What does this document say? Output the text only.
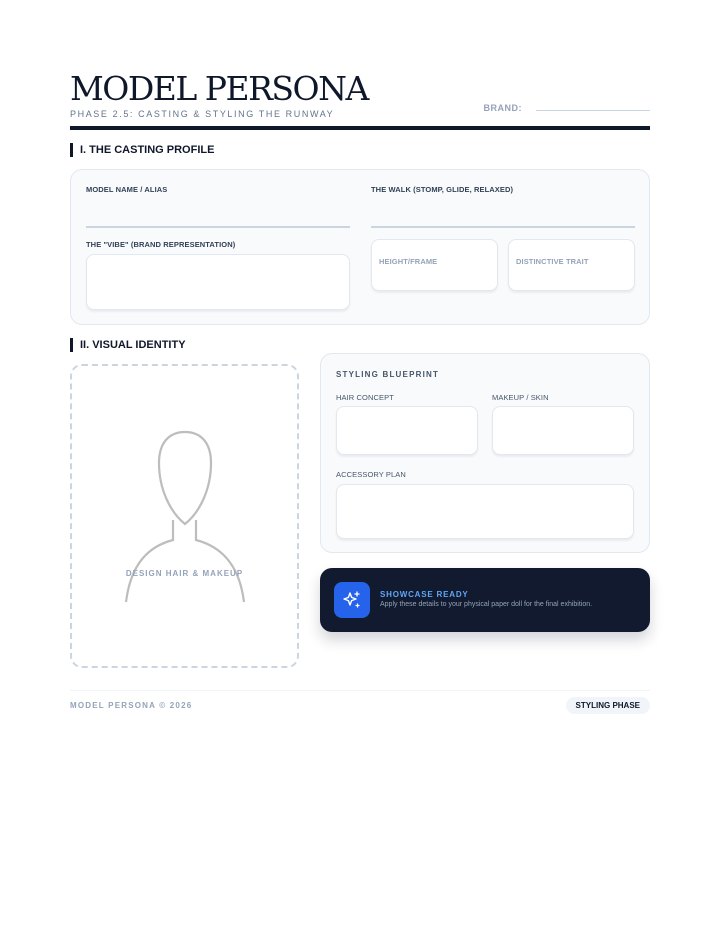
MODEL PERSONA
PHASE 2.5: CASTING & STYLING THE RUNWAY
BRAND:
I. THE CASTING PROFILE
MODEL NAME / ALIAS	THE WALK (STOMP, GLIDE, RELAXED)
THE "VIBE" (BRAND REPRESENTATION)
HEIGHT/FRAME	DISTINCTIVE TRAIT
II. VISUAL IDENTITY
DESIGN HAIR & MAKEUP
STYLING BLUEPRINT
HAIR CONCEPT	MAKEUP / SKIN
ACCESSORY PLAN
SHOWCASE READY
Apply these details to your physical paper doll for the final exhibition.
MODEL PERSONA © 2026	STYLING PHASE
